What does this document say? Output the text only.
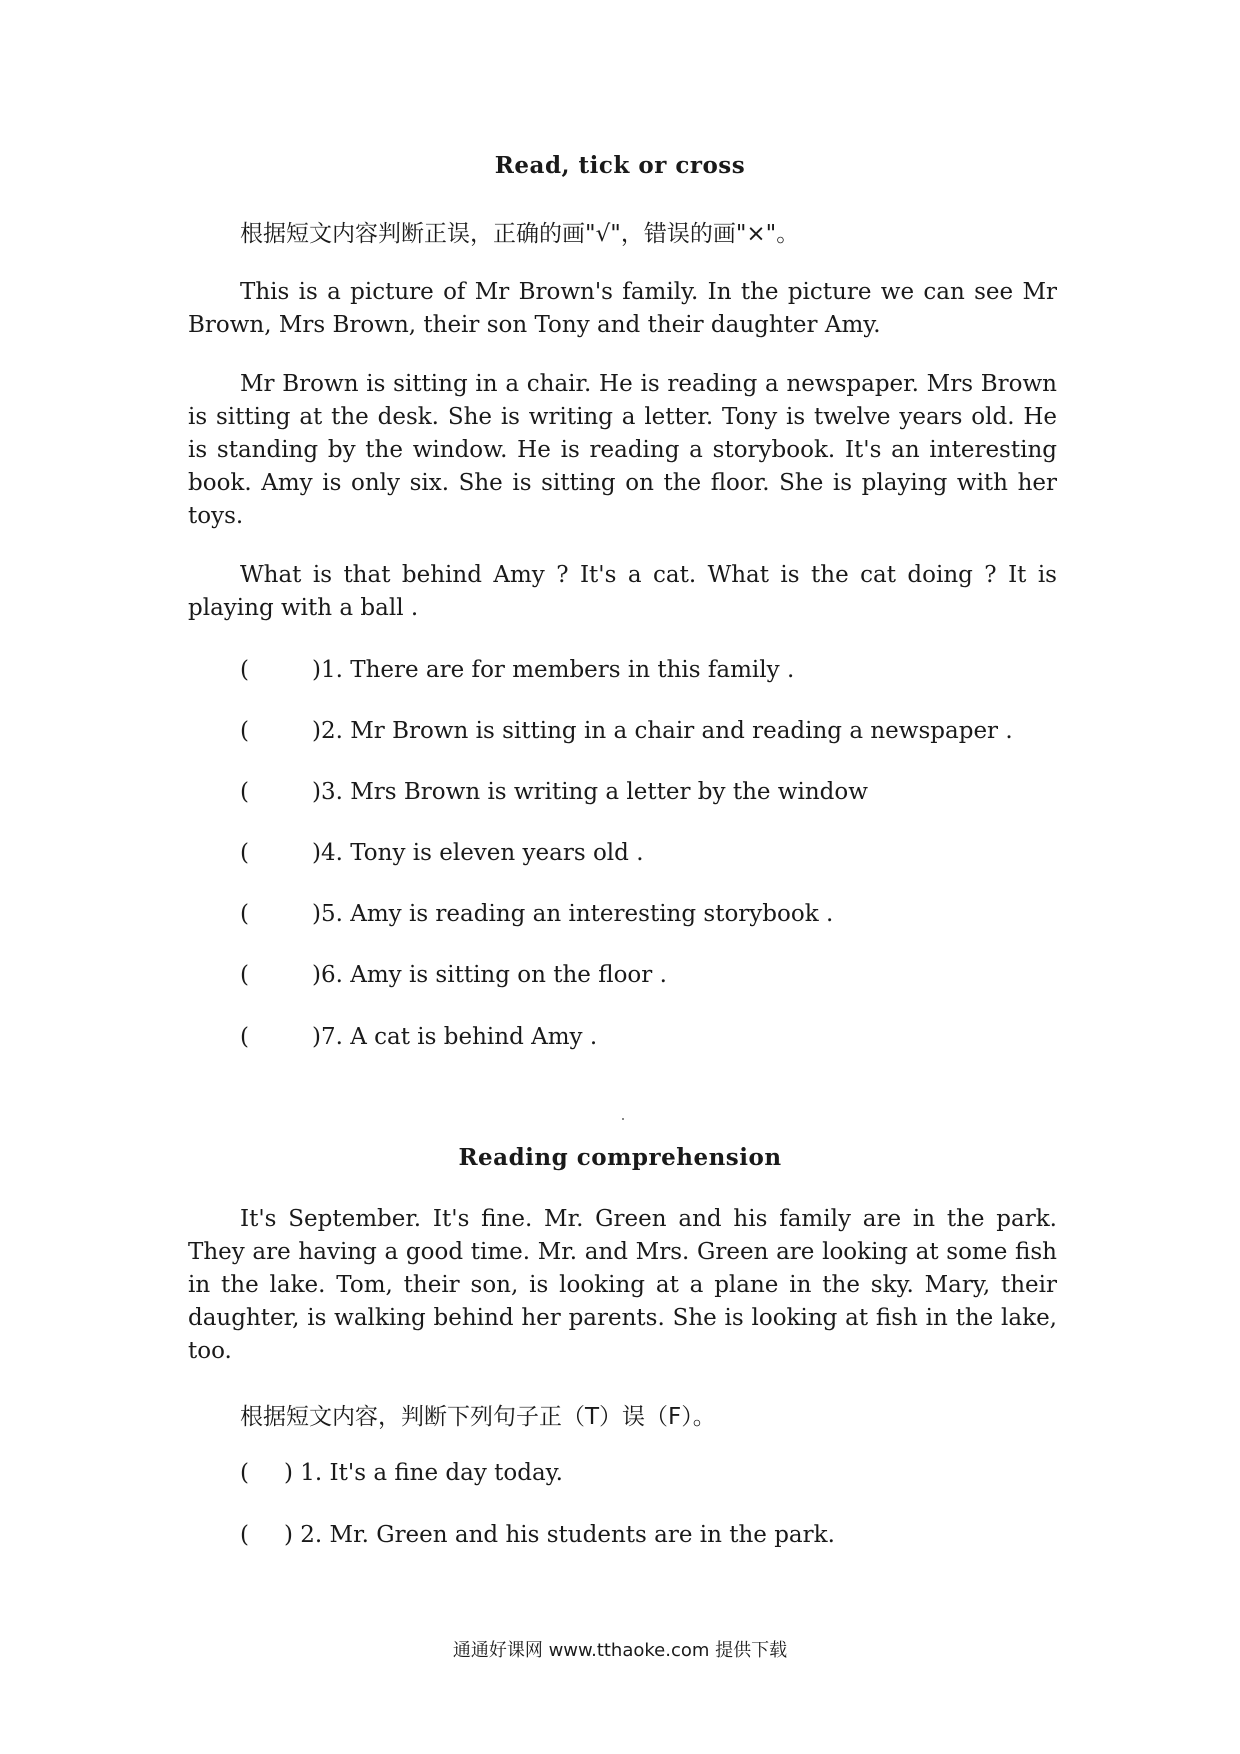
Read, tick or cross
根据短文内容判断正误，正确的画"√"，错误的画"×"。

This is a picture of Mr Brown's family. In the picture we can see Mr Brown, Mrs Brown, their son Tony and their daughter Amy.

Mr Brown is sitting in a chair. He is reading a newspaper. Mrs Brown is sitting at the desk. She is writing a letter. Tony is twelve years old. He is standing by the window. He is reading a storybook. It's an interesting book. Amy is only six. She is sitting on the floor. She is playing with her toys.

What is that behind Amy ? It's a cat. What is the cat doing ? It is playing with a ball .

(	)1. There are for members in this family .
(	)2. Mr Brown is sitting in a chair and reading a newspaper .
(	)3. Mrs Brown is writing a letter by the window
(	)4. Tony is eleven years old .
(	)5. Amy is reading an interesting storybook .
(	)6. Amy is sitting on the floor .
(	)7. A cat is behind Amy .
Reading comprehension

It's September. It's fine. Mr. Green and his family are in the park. They are having a good time. Mr. and Mrs. Green are looking at some fish in the lake. Tom, their son, is looking at a plane in the sky. Mary, their daughter, is walking behind her parents. She is looking at fish in the lake, too.

根据短文内容，判断下列句子正（T）误（F）。
( ) 1. It's a fine day today.
( ) 2. Mr. Green and his students are in the park.
通通好课网 www.tthaoke.com 提供下载
